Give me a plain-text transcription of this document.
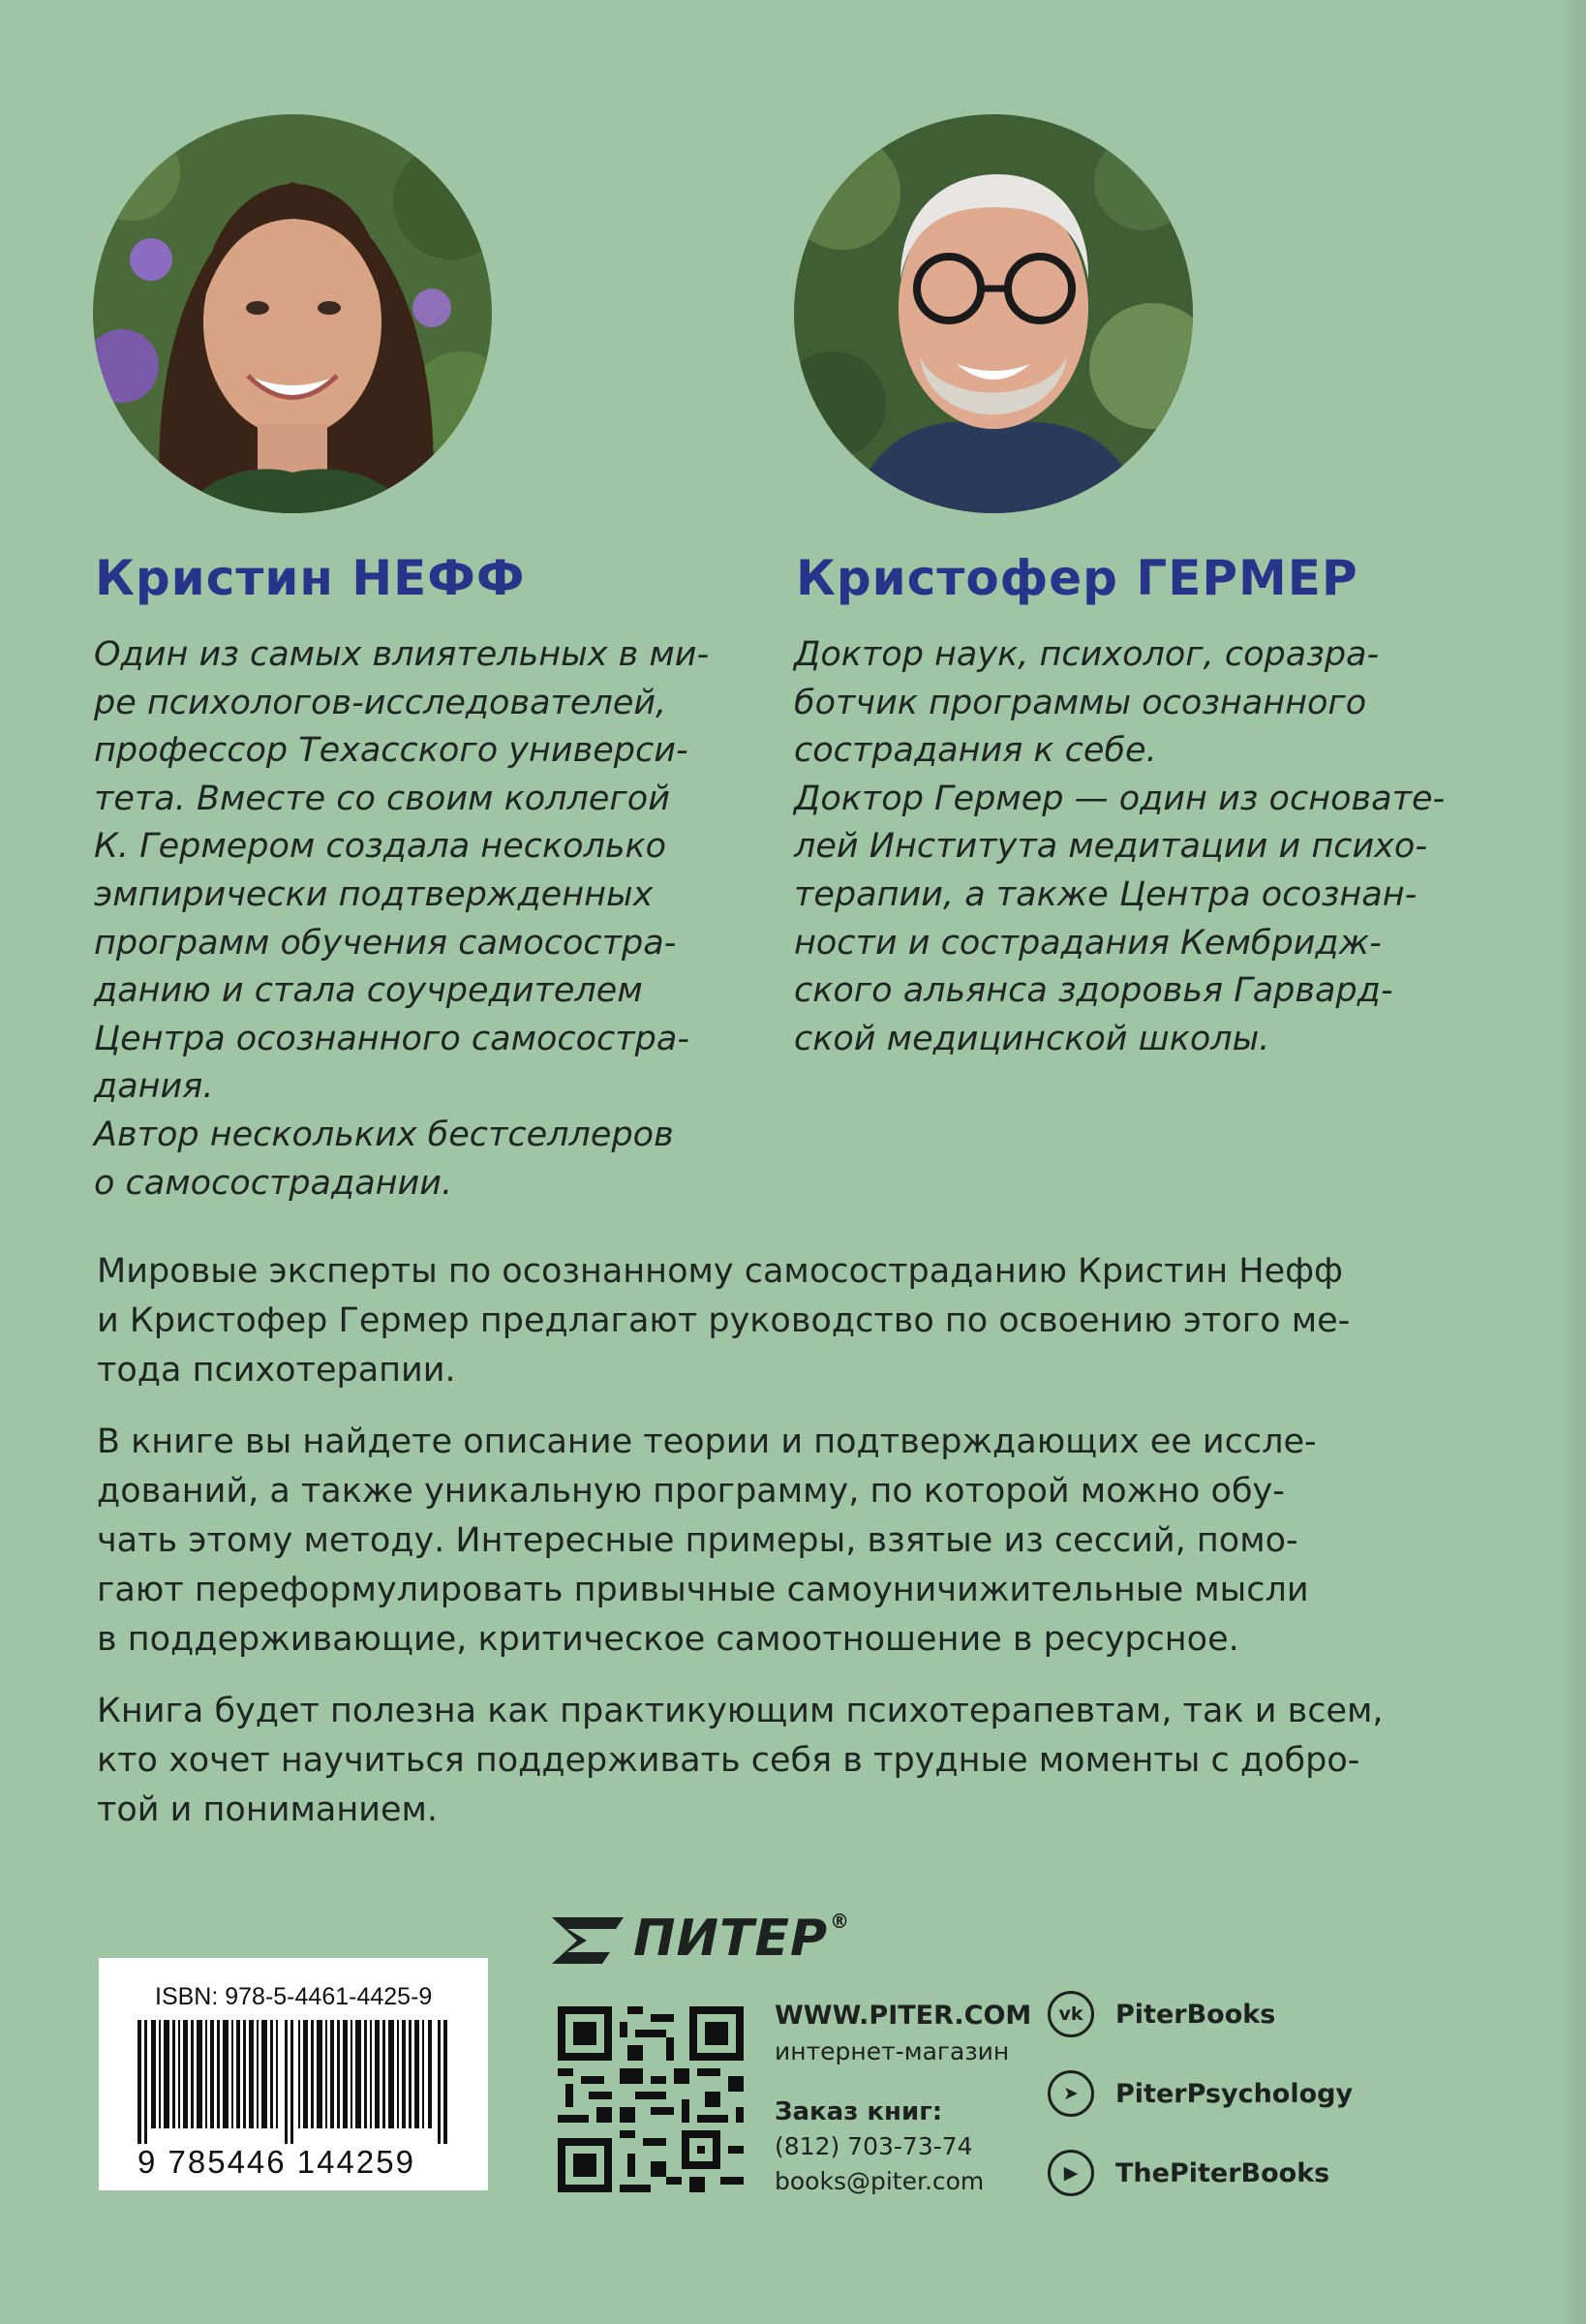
Кристин НЕФФ	Кристофер ГЕРМЕР

Один из самых влиятельных в ми-

ре психологов-исследователей,

профессор Техасского универси-

тета. Вместе со своим коллегой

К. Гермером создала несколько

эмпирически подтвержденных

программ обучения самосостра-

данию и стала соучредителем

Центра осознанного самосостра-

дания.

Автор нескольких бестселлеров

о самосострадании.

Доктор наук, психолог, соразра-

ботчик программы осознанного

сострадания к себе.

Доктор Гермер — один из основате-

лей Института медитации и психо-

терапии, а также Центра осознан-

ности и сострадания Кембридж-

ского альянса здоровья Гарвард-

ской медицинской школы.

Мировые эксперты по осознанному самосостраданию Кристин Нефф
и Кристофер Гермер предлагают руководство по освоению этого ме-
тода психотерапии.
В книге вы найдете описание теории и подтверждающих ее иссле-
дований, а также уникальную программу, по которой можно обу-
чать этому методу. Интересные примеры, взятые из сессий, помо-
гают переформулировать привычные самоуничижительные мысли
в поддерживающие, критическое самоотношение в ресурсное.
Книга будет полезна как практикующим психотерапевтам, так и всем,
кто хочет научиться поддерживать себя в трудные моменты с добро-
той и пониманием.
ПИТЕР ®
ISBN: 978-5-4461-4425-9
9 785446 144259
WWW.PITER.COM
интернет-магазин
Заказ книг:
(812) 703-73-74
books@piter.com
vk	PiterBooks
➤	PiterPsychology
▶	ThePiterBooks
